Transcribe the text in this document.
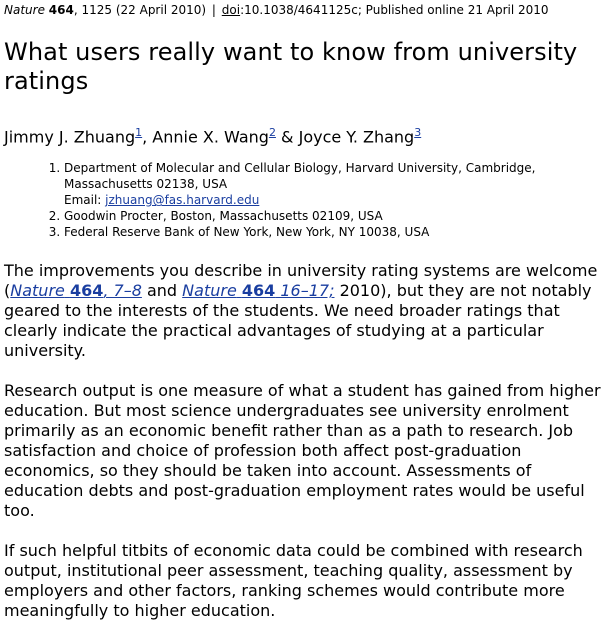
Nature 464, 1125 (22 April 2010) | doi:10.1038/4641125c; Published online 21 April 2010
What users really want to know from university ratings
Jimmy J. Zhuang$^1$, Annie X. Wang$^2$ & Joyce Y. Zhang$^3$
1. Department of Molecular and Cellular Biology, Harvard University, Cambridge,
Massachusetts 02138, USA
Email: jzhuang@fas.harvard.edu
2. Goodwin Procter, Boston, Massachusetts 02109, USA
3. Federal Reserve Bank of New York, New York, NY 10038, USA

The improvements you describe in university rating systems are welcome (Nature 464, 7–8 and Nature 464 16–17; 2010), but they are not notably geared to the interests of the students. We need broader ratings that clearly indicate the practical advantages of studying at a particular university.

Research output is one measure of what a student has gained from higher education. But most science undergraduates see university enrolment primarily as an economic benefit rather than as a path to research. Job satisfaction and choice of profession both affect post-graduation economics, so they should be taken into account. Assessments of education debts and post-graduation employment rates would be useful too.

If such helpful titbits of economic data could be combined with research output, institutional peer assessment, teaching quality, assessment by employers and other factors, ranking schemes would contribute more meaningfully to higher education.
